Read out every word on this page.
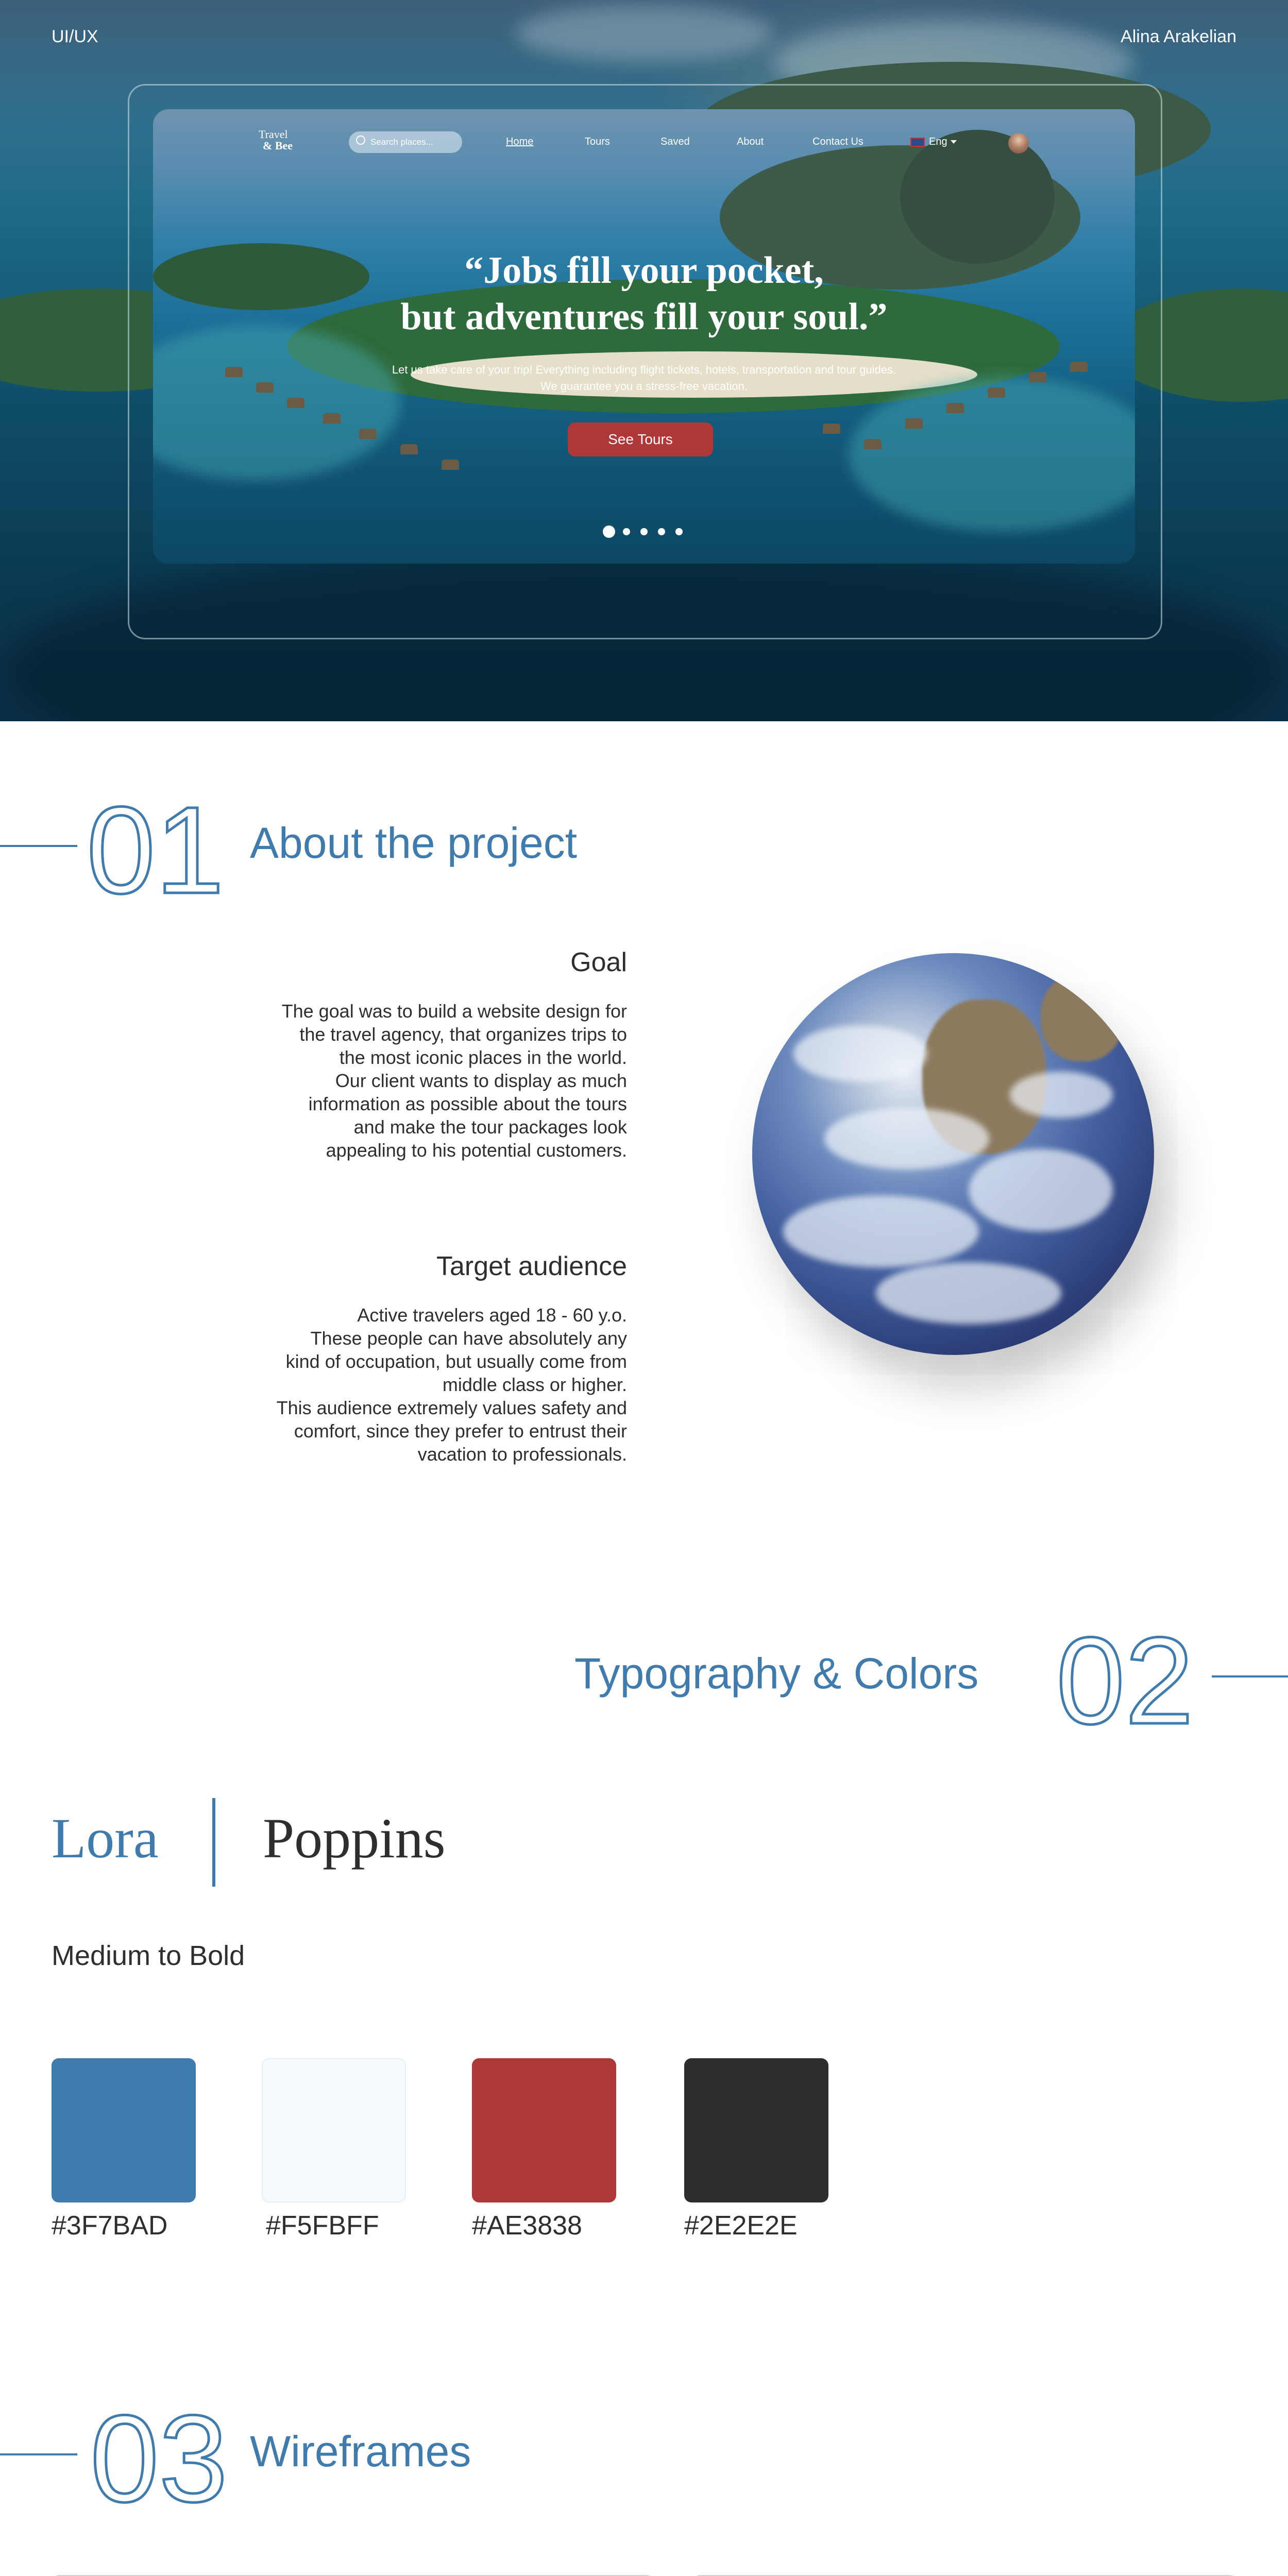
Travel
& Bee	Search places...	Home	Tours	Saved	About	Contact Us	Eng
“Jobs fill your pocket,
but adventures fill your soul.”
Let us take care of your trip! Everything including flight tickets, hotels, transportation and tour guides.
We guarantee you a stress-free vacation.
See Tours
UI/UX	Alina Arakelian
01 About the project
Goal
The goal was to build a website design for
the travel agency, that organizes trips to
the most iconic places in the world.
Our client wants to display as much
information as possible about the tours
and make the tour packages look
appealing to his potential customers.
Target audience
Active travelers aged 18 - 60 y.o.
These people can have absolutely any
kind of occupation, but usually come from
middle class or higher.
This audience extremely values safety and
comfort, since they prefer to entrust their
vacation to professionals.
Typography & Colors 02
Lora Poppins
Medium to Bold
#3F7BAD	#F5FBFF	#AE3838	#2E2E2E
03 Wireframes
